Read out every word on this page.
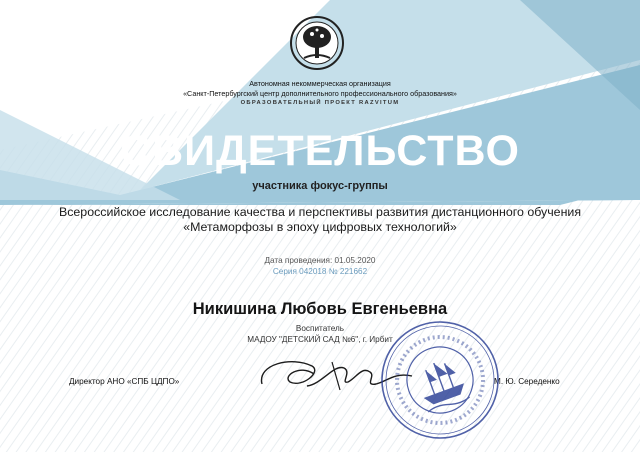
Автономная некоммерческая организация
«Санкт-Петербургский центр дополнительного профессионального образования»
ОБРАЗОВАТЕЛЬНЫЙ ПРОЕКТ RAZVITUM
СВИДЕТЕЛЬСТВО
участника фокус-группы
Всероссийское исследование качества и перспективы развития дистанционного обучения
«Метаморфозы в эпоху цифровых технологий»
Дата проведения: 01.05.2020
Серия 042018 № 221662
Никишина Любовь Евгеньевна
Воспитатель
МАДОУ "ДЕТСКИЙ САД №6", г. Ирбит
Директор АНО «СПБ ЦДПО»	М. Ю. Середенко
